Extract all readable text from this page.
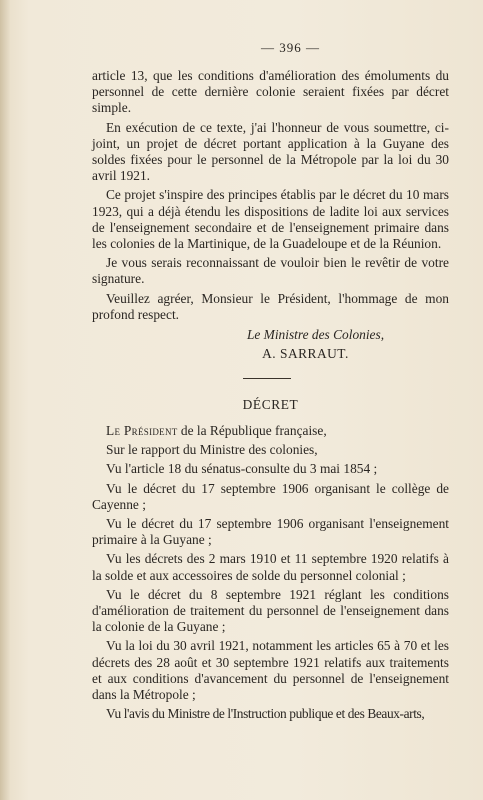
— 396 —

article 13, que les conditions d'amélioration des émoluments du personnel de cette dernière colonie seraient fixées par décret simple.

En exécution de ce texte, j'ai l'honneur de vous soumettre, ci-joint, un projet de décret portant application à la Guyane des soldes fixées pour le personnel de la Métropole par la loi du 30 avril 1921.

Ce projet s'inspire des principes établis par le décret du 10 mars 1923, qui a déjà étendu les dispositions de ladite loi aux services de l'enseignement secondaire et de l'enseignement primaire dans les colonies de la Martinique, de la Guadeloupe et de la Réunion.

Je vous serais reconnaissant de vouloir bien le revêtir de votre signature.

Veuillez agréer, Monsieur le Président, l'hommage de mon profond respect.

Le Ministre des Colonies,
A. SARRAUT.
DÉCRET

Le Président de la République française,

Sur le rapport du Ministre des colonies,

Vu l'article 18 du sénatus-consulte du 3 mai 1854 ;

Vu le décret du 17 septembre 1906 organisant le collège de Cayenne ;

Vu le décret du 17 septembre 1906 organisant l'enseignement primaire à la Guyane ;

Vu les décrets des 2 mars 1910 et 11 septembre 1920 relatifs à la solde et aux accessoires de solde du personnel colonial ;

Vu le décret du 8 septembre 1921 réglant les conditions d'amélioration de traitement du personnel de l'enseignement dans la colonie de la Guyane ;

Vu la loi du 30 avril 1921, notamment les articles 65 à 70 et les décrets des 28 août et 30 septembre 1921 relatifs aux traitements et aux conditions d'avancement du personnel de l'enseignement dans la Métropole ;

Vu l'avis du Ministre de l'Instruction publique et des Beaux-arts,
